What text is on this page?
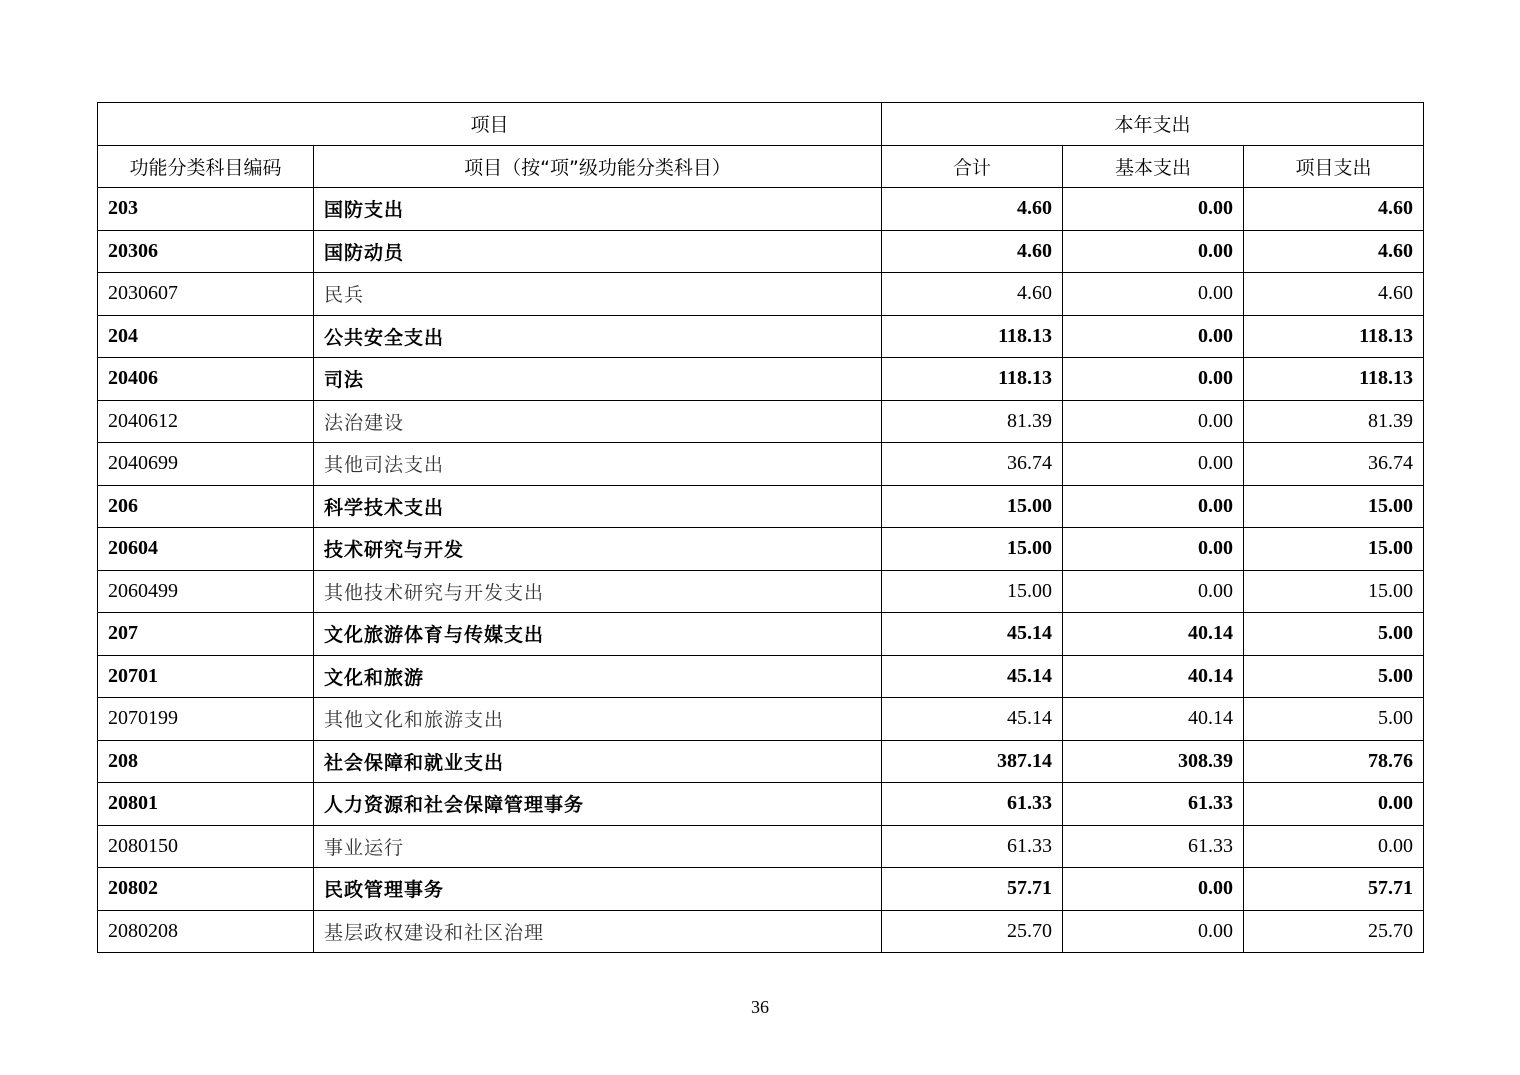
项目		本年支出		
功能分类科目编码	项目（按“项”级功能分类科目）	合计	基本支出	项目支出
203	国防支出	4.60	0.00	4.60
20306	国防动员	4.60	0.00	4.60
2030607	民兵	4.60	0.00	4.60
204	公共安全支出	118.13	0.00	118.13
20406	司法	118.13	0.00	118.13
2040612	法治建设	81.39	0.00	81.39
2040699	其他司法支出	36.74	0.00	36.74
206	科学技术支出	15.00	0.00	15.00
20604	技术研究与开发	15.00	0.00	15.00
2060499	其他技术研究与开发支出	15.00	0.00	15.00
207	文化旅游体育与传媒支出	45.14	40.14	5.00
20701	文化和旅游	45.14	40.14	5.00
2070199	其他文化和旅游支出	45.14	40.14	5.00
208	社会保障和就业支出	387.14	308.39	78.76
20801	人力资源和社会保障管理事务	61.33	61.33	0.00
2080150	事业运行	61.33	61.33	0.00
20802	民政管理事务	57.71	0.00	57.71
2080208	基层政权建设和社区治理	25.70	0.00	25.70
36
